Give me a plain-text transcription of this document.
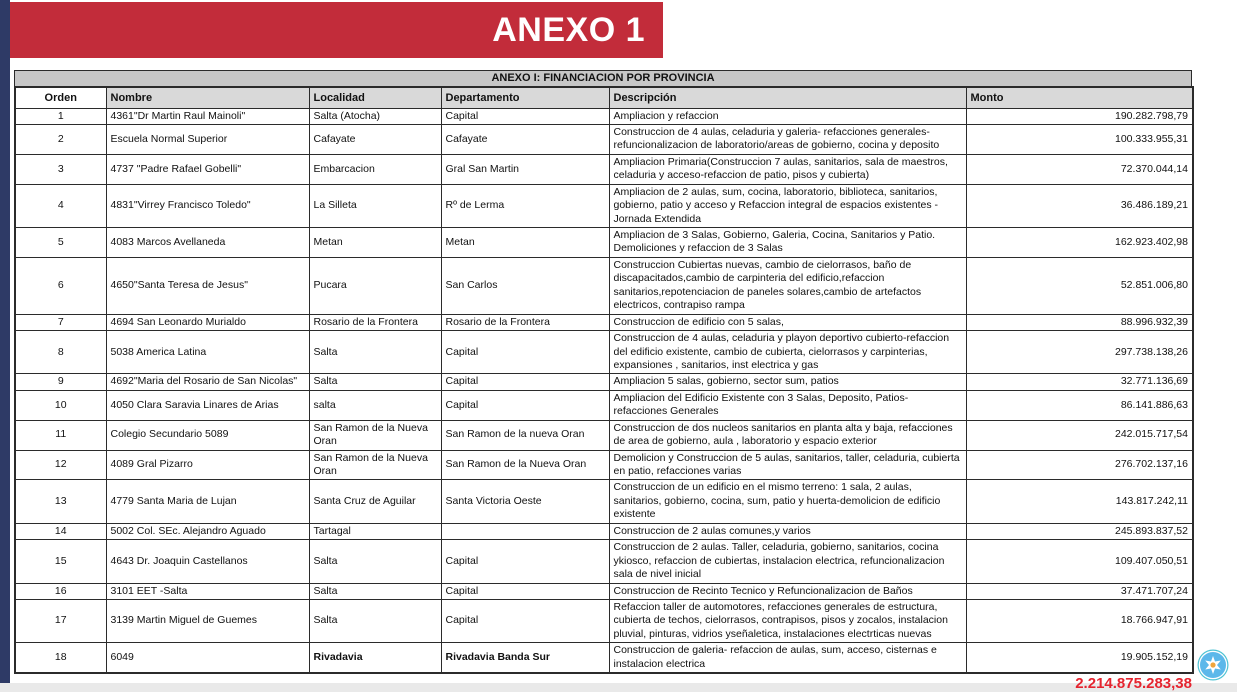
ANEXO 1
ANEXO I: FINANCIACION POR PROVINCIA
Orden	Nombre	Localidad	Departamento	Descripción	Monto
1	4361"Dr Martin Raul Mainoli"	Salta (Atocha)	Capital	Ampliacion y refaccion	190.282.798,79
2	Escuela Normal Superior	Cafayate	Cafayate	Construccion de 4 aulas, celaduria y galeria- refacciones generales-refuncionalizacion de laboratorio/areas de gobierno, cocina y deposito	100.333.955,31
3	4737 "Padre Rafael Gobelli"	Embarcacion	Gral San Martin	Ampliacion Primaria(Construccion 7 aulas, sanitarios, sala de maestros, celaduria y acceso-refaccion de patio, pisos y cubierta)	72.370.044,14
4	4831"Virrey Francisco Toledo"	La Silleta	Rº de Lerma	Ampliacion de 2 aulas, sum, cocina, laboratorio, biblioteca, sanitarios, gobierno, patio y acceso y Refaccion integral de espacios existentes -Jornada Extendida	36.486.189,21
5	4083 Marcos Avellaneda	Metan	Metan	Ampliacion de 3 Salas, Gobierno, Galeria, Cocina, Sanitarios y Patio. Demoliciones y refaccion de 3 Salas	162.923.402,98
6	4650"Santa Teresa de Jesus"	Pucara	San Carlos	Construccion Cubiertas nuevas, cambio de cielorrasos, baño de discapacitados,cambio de carpinteria del edificio,refaccion sanitarios,repotenciacion de paneles solares,cambio de artefactos electricos, contrapiso rampa	52.851.006,80
7	4694 San Leonardo Murialdo	Rosario de la Frontera	Rosario de la Frontera	Construccion de edificio con 5 salas,	88.996.932,39
8	5038 America Latina	Salta	Capital	Construccion de 4 aulas, celaduria y playon deportivo cubierto-refaccion del edificio existente, cambio de cubierta, cielorrasos y carpinterias, expansiones , sanitarios, inst electrica y gas	297.738.138,26
9	4692"Maria del Rosario de San Nicolas"	Salta	Capital	Ampliacion 5 salas, gobierno, sector sum, patios	32.771.136,69
10	4050 Clara Saravia Linares de Arias	salta	Capital	Ampliacion del Edificio Existente con 3 Salas, Deposito, Patios- refacciones Generales	86.141.886,63
11	Colegio Secundario 5089	San Ramon de la Nueva Oran	San Ramon de la nueva Oran	Construccion de dos nucleos sanitarios en planta alta y baja, refacciones de area de gobierno, aula , laboratorio y espacio exterior	242.015.717,54
12	4089 Gral Pizarro	San Ramon de la Nueva Oran	San Ramon de la Nueva Oran	Demolicion y Construccion de 5 aulas, sanitarios, taller, celaduria, cubierta en patio, refacciones varias	276.702.137,16
13	4779 Santa Maria de Lujan	Santa Cruz de Aguilar	Santa Victoria Oeste	Construccion de un edificio en el mismo terreno: 1 sala, 2 aulas, sanitarios, gobierno, cocina, sum, patio y huerta-demolicion de edificio existente	143.817.242,11
14	5002 Col. SEc. Alejandro Aguado	Tartagal		Construccion de 2 aulas comunes,y varios	245.893.837,52
15	4643 Dr. Joaquin Castellanos	Salta	Capital	Construccion de 2 aulas. Taller, celaduria, gobierno, sanitarios, cocina ykiosco, refaccion de cubiertas, instalacion electrica, refuncionalizacion sala de nivel inicial	109.407.050,51
16	3101 EET -Salta	Salta	Capital	Construccion de Recinto Tecnico y Refuncionalizacion de Baños	37.471.707,24
17	3139 Martin Miguel de Guemes	Salta	Capital	Refaccion taller de automotores, refacciones generales de estructura, cubierta de techos, cielorrasos, contrapisos, pisos y zocalos, instalacion pluvial, pinturas, vidrios yseñaletica, instalaciones electrticas nuevas	18.766.947,91
18	6049	Rivadavia	Rivadavia Banda Sur	Construccion de galeria- refaccion de aulas, sum, acceso, cisternas e instalacion electrica	19.905.152,19
2.214.875.283,38
